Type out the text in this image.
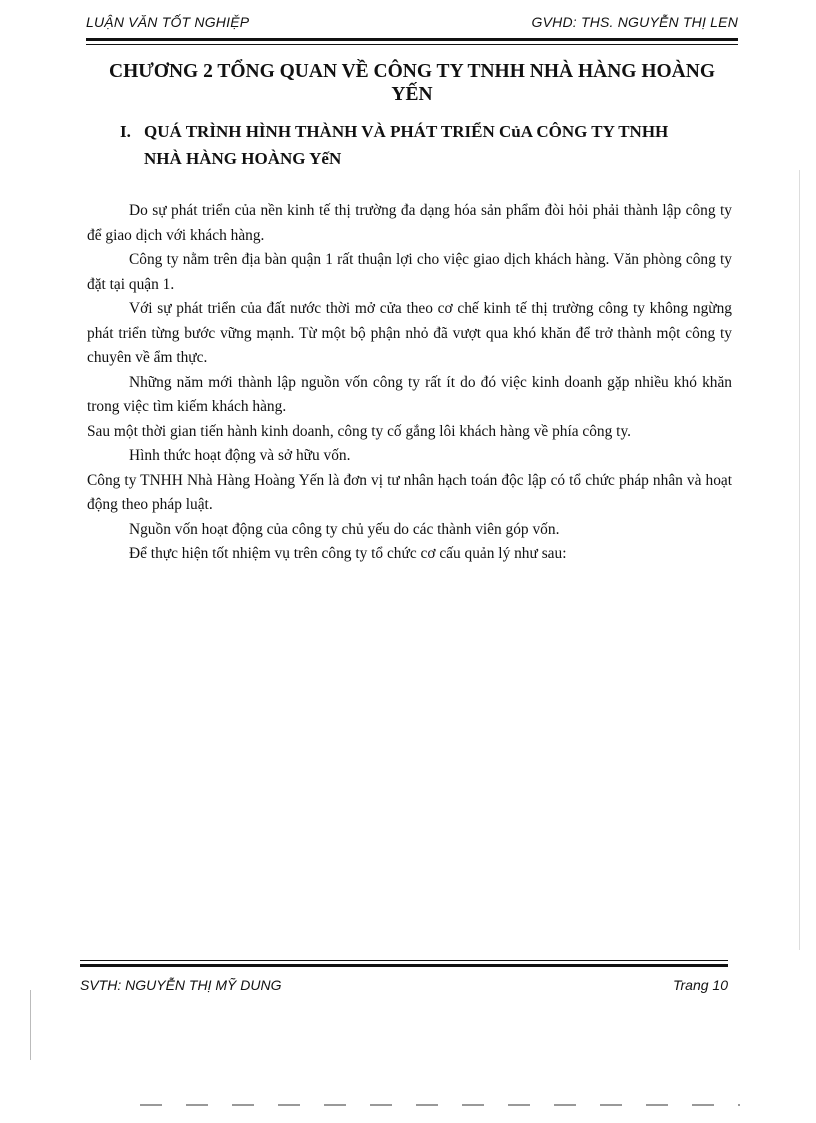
LUẬN VĂN TỐT NGHIỆP	GVHD: THS. NGUYỄN THỊ LEN
CHƯƠNG 2 TỔNG QUAN VỀ CÔNG TY TNHH NHÀ HÀNG HOÀNG
YẾN
I. QUÁ TRÌNH HÌNH THÀNH VÀ PHÁT TRIỂN CủA CÔNG TY TNHH
NHÀ HÀNG HOÀNG YếN

Do sự phát triển của nền kinh tế thị trường đa dạng hóa sản phẩm đòi hỏi phải thành lập công ty để giao dịch với khách hàng.

Công ty nằm trên địa bàn quận 1 rất thuận lợi cho việc giao dịch khách hàng. Văn phòng công ty đặt tại quận 1.

Với sự phát triển của đất nước thời mở cửa theo cơ chế kinh tế thị trường công ty không ngừng phát triển từng bước vững mạnh. Từ một bộ phận nhỏ đã vượt qua khó khăn để trở thành một công ty chuyên về ẩm thực.

Những năm mới thành lập nguồn vốn công ty rất ít do đó việc kinh doanh gặp nhiều khó khăn trong việc tìm kiếm khách hàng.

Sau một thời gian tiến hành kinh doanh, công ty cố gắng lôi khách hàng về phía công ty.

Hình thức hoạt động và sở hữu vốn.

Công ty TNHH Nhà Hàng Hoàng Yến là đơn vị tư nhân hạch toán độc lập có tổ chức pháp nhân và hoạt động theo pháp luật.

Nguồn vốn hoạt động của công ty chủ yếu do các thành viên góp vốn.

Để thực hiện tốt nhiệm vụ trên công ty tổ chức cơ cấu quản lý như sau:

SVTH: NGUYỄN THỊ MỸ DUNG	Trang 10
